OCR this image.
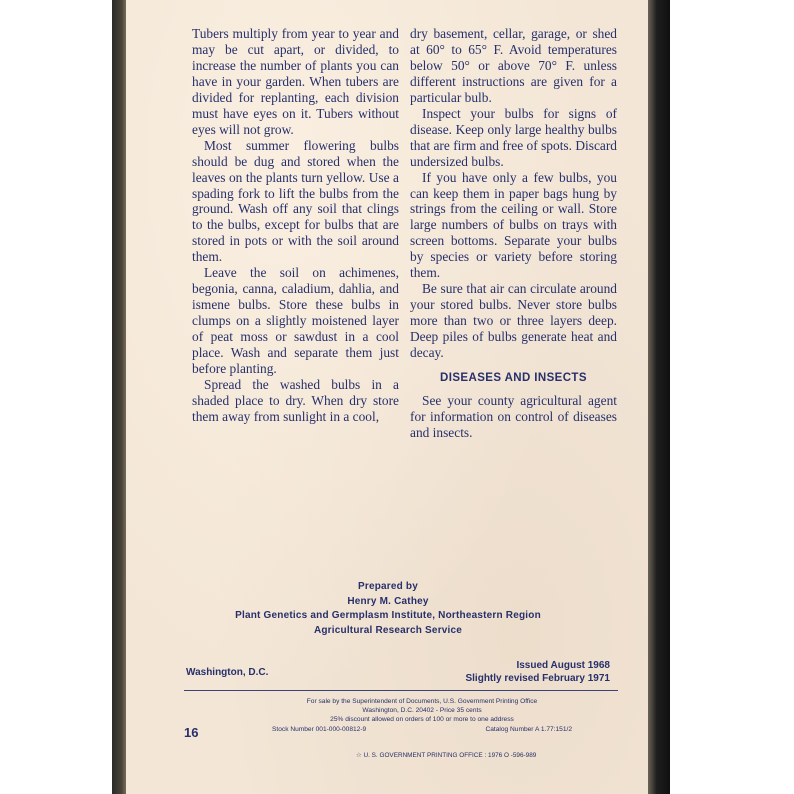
Tubers multiply from year to year and may be cut apart, or divided, to increase the number of plants you can have in your garden. When tubers are divided for replanting, each division must have eyes on it. Tubers without eyes will not grow.

Most summer flowering bulbs should be dug and stored when the leaves on the plants turn yellow. Use a spading fork to lift the bulbs from the ground. Wash off any soil that clings to the bulbs, except for bulbs that are stored in pots or with the soil around them.

Leave the soil on achimenes, begonia, canna, caladium, dahlia, and ismene bulbs. Store these bulbs in clumps on a slightly moistened layer of peat moss or sawdust in a cool place. Wash and separate them just before planting.

Spread the washed bulbs in a shaded place to dry. When dry store them away from sunlight in a cool,

dry basement, cellar, garage, or shed at 60° to 65° F. Avoid temperatures below 50° or above 70° F. unless different instructions are given for a particular bulb.

Inspect your bulbs for signs of disease. Keep only large healthy bulbs that are firm and free of spots. Discard undersized bulbs.

If you have only a few bulbs, you can keep them in paper bags hung by strings from the ceiling or wall. Store large numbers of bulbs on trays with screen bottoms. Separate your bulbs by species or variety before storing them.

Be sure that air can circulate around your stored bulbs. Never store bulbs more than two or three layers deep. Deep piles of bulbs generate heat and decay.

DISEASES AND INSECTS

See your county agricultural agent for information on control of diseases and insects.

Prepared by
Henry M. Cathey
Plant Genetics and Germplasm Institute, Northeastern Region
Agricultural Research Service
Washington, D.C.
Issued August 1968
Slightly revised February 1971
For sale by the Superintendent of Documents, U.S. Government Printing Office
Washington, D.C. 20402 - Price 35 cents
25% discount allowed on orders of 100 or more to one address
Stock Number 001-000-00812-9	Catalog Number A 1.77:151/2
16
☆ U. S. GOVERNMENT PRINTING OFFICE : 1976 O -596-989
